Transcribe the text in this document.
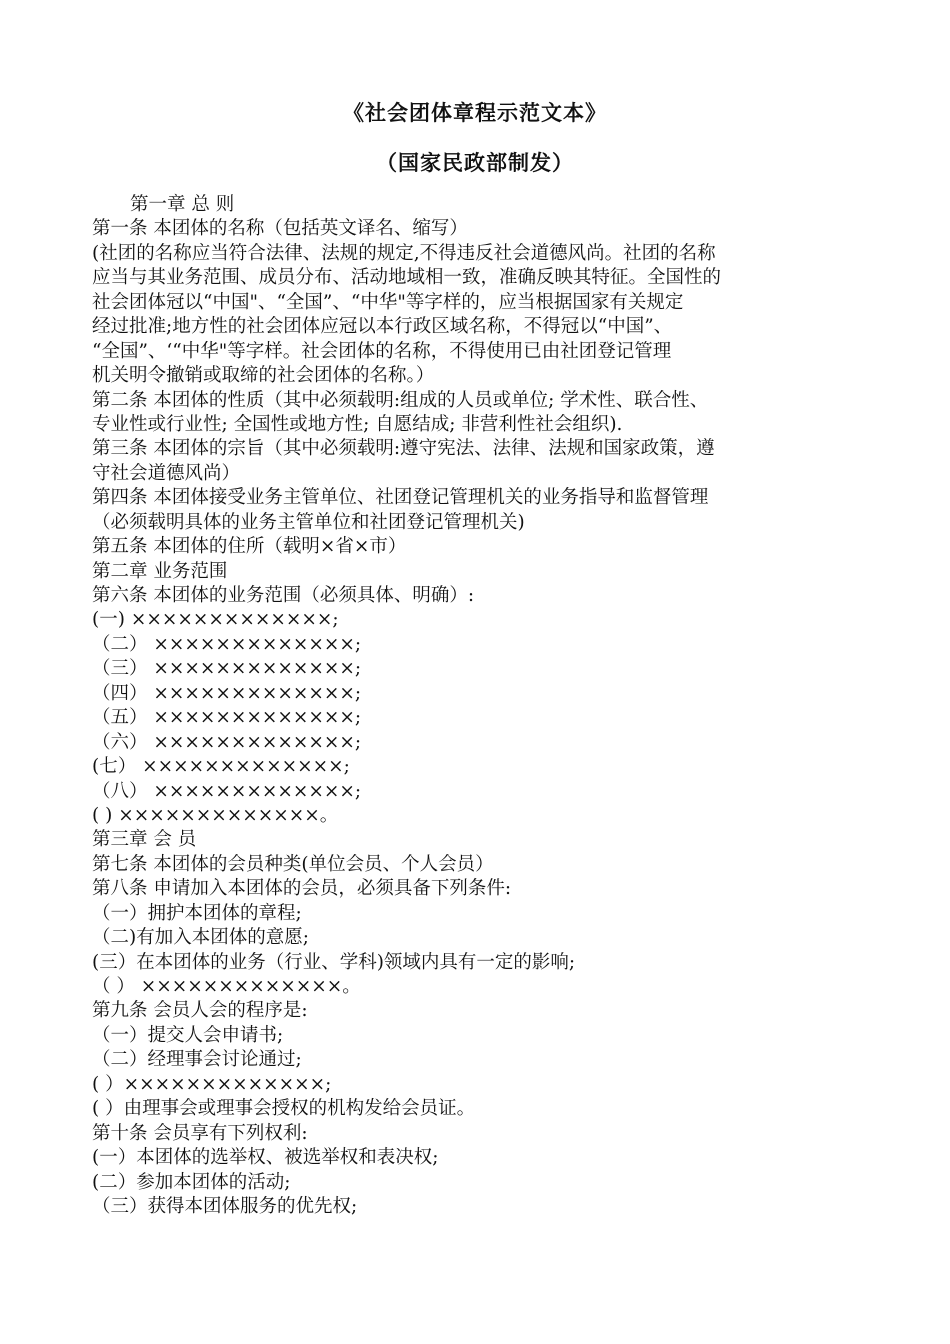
《社会团体章程示范文本》
（国家民政部制发）
第一章 总 则
第一条 本团体的名称（包括英文译名、缩写）
(社团的名称应当符合法律、法规的规定,不得违反社会道德风尚。社团的名称
应当与其业务范围、成员分布、活动地域相一致，准确反映其特征。全国性的
社会团体冠以“中国"、“全国”、“中华"等字样的，应当根据国家有关规定
经过批准;地方性的社会团体应冠以本行政区域名称，不得冠以“中国”、
“全国”、‘“中华"等字样。社会团体的名称，不得使用已由社团登记管理
机关明令撤销或取缔的社会团体的名称。）
第二条 本团体的性质（其中必须载明:组成的人员或单位; 学术性、联合性、
专业性或行业性; 全国性或地方性; 自愿结成; 非营利性社会组织).
第三条 本团体的宗旨（其中必须载明:遵守宪法、法律、法规和国家政策，遵
守社会道德风尚）
第四条 本团体接受业务主管单位、社团登记管理机关的业务指导和监督管理
（必须载明具体的业务主管单位和社团登记管理机关)
第五条 本团体的住所（载明×省×市）
第二章 业务范围
第六条 本团体的业务范围（必须具体、明确）:
(一) ×××××××××××××;
（二） ×××××××××××××;
（三） ×××××××××××××;
（四） ×××××××××××××;
（五） ×××××××××××××;
（六） ×××××××××××××;
(七） ×××××××××××××;
（八） ×××××××××××××;
( ) ×××××××××××××。
第三章 会 员
第七条 本团体的会员种类(单位会员、个人会员）
第八条 申请加入本团体的会员，必须具备下列条件:
（一）拥护本团体的章程;
（二)有加入本团体的意愿;
(三）在本团体的业务（行业、学科)领域内具有一定的影响;
（ ） ×××××××××××××。
第九条 会员人会的程序是:
（一）提交人会申请书;
（二）经理事会讨论通过;
( ）×××××××××××××;
( ）由理事会或理事会授权的机构发给会员证。
第十条 会员享有下列权利:
(一）本团体的选举权、被选举权和表决权;
(二）参加本团体的活动;
（三）获得本团体服务的优先权;
